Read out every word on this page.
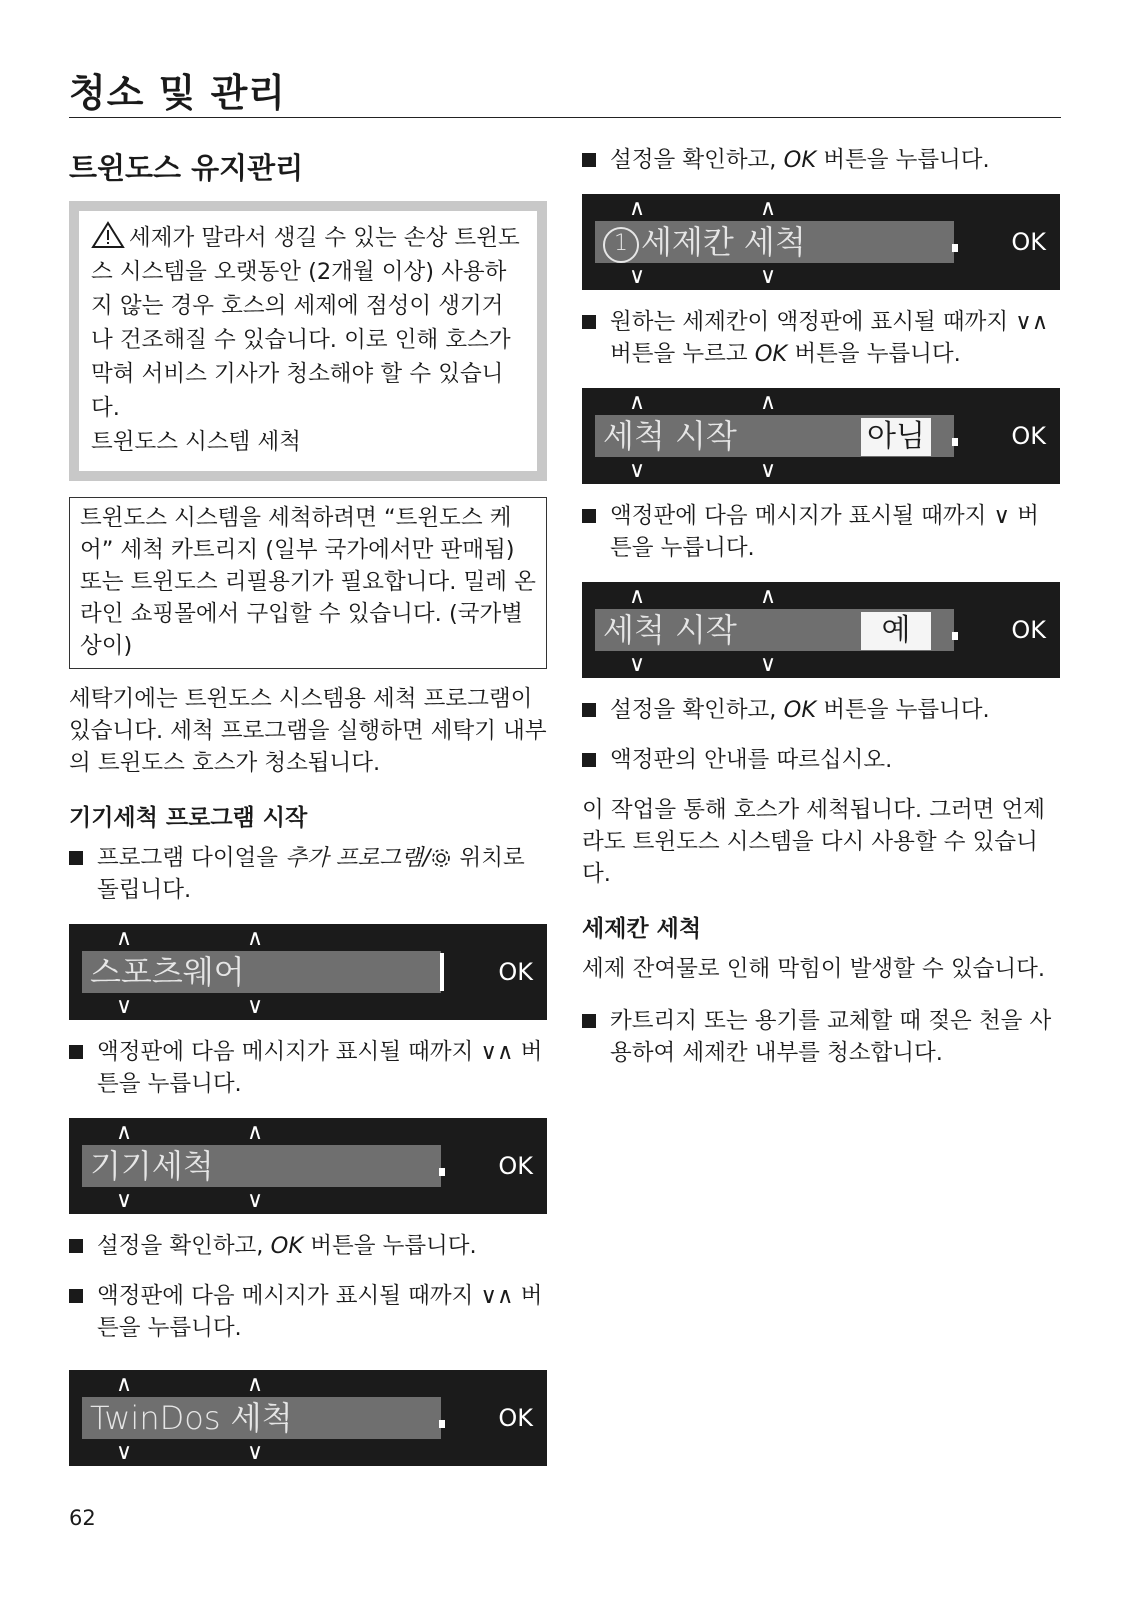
청소 및 관리
트윈도스 유지관리
세제가 말라서 생길 수 있는 손상 트윈도스 시스템을 오랫동안 (2개월 이상) 사용하지 않는 경우 호스의 세제에 점성이 생기거나 건조해질 수 있습니다. 이로 인해 호스가 막혀 서비스 기사가 청소해야 할 수 있습니다.
트윈도스 시스템 세척
트윈도스 시스템을 세척하려면 “트윈도스 케어” 세척 카트리지 (일부 국가에서만 판매됨) 또는 트윈도스 리필용기가 필요합니다. 밀레 온라인 쇼핑몰에서 구입할 수 있습니다. (국가별 상이)
세탁기에는 트윈도스 시스템용 세척 프로그램이 있습니다. 세척 프로그램을 실행하면 세탁기 내부의 트윈도스 호스가 청소됩니다.
기기세척 프로그램 시작
프로그램 다이얼을 추가 프로그램/ 위치로 돌립니다.
∧	∧
스포츠웨어	OK
∨	∨
액정판에 다음 메시지가 표시될 때까지 ∨∧ 버튼을 누릅니다.
∧	∧
기기세척	OK
∨	∨
설정을 확인하고, OK 버튼을 누릅니다.
액정판에 다음 메시지가 표시될 때까지 ∨∧ 버튼을 누릅니다.
∧	∧
TwinDos 세척	OK
∨	∨
설정을 확인하고, OK 버튼을 누릅니다.
∧	∧
1 세제칸 세척	OK
∨	∨
원하는 세제칸이 액정판에 표시될 때까지 ∨∧ 버튼을 누르고 OK 버튼을 누릅니다.
∧	∧
세척 시작	아님	OK
∨	∨
액정판에 다음 메시지가 표시될 때까지 ∨ 버튼을 누릅니다.
∧	∧
세척 시작	예	OK
∨	∨
설정을 확인하고, OK 버튼을 누릅니다.
액정판의 안내를 따르십시오.
이 작업을 통해 호스가 세척됩니다. 그러면 언제라도 트윈도스 시스템을 다시 사용할 수 있습니다.
세제칸 세척
세제 잔여물로 인해 막힘이 발생할 수 있습니다.
카트리지 또는 용기를 교체할 때 젖은 천을 사용하여 세제칸 내부를 청소합니다.
62
